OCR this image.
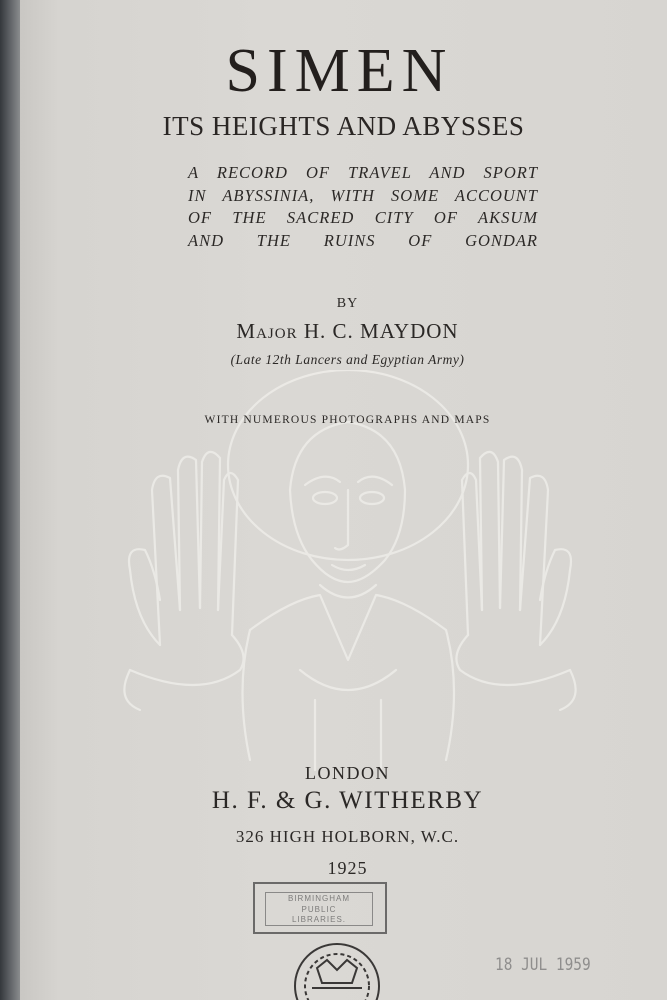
SIMEN
ITS HEIGHTS AND ABYSSES
A RECORD OF TRAVEL AND SPORT
IN ABYSSINIA, WITH SOME ACCOUNT
OF THE SACRED CITY OF AKSUM
AND THE RUINS OF GONDAR
BY
MAJOR H. C. MAYDON
(Late 12th Lancers and Egyptian Army)
WITH NUMEROUS PHOTOGRAPHS AND MAPS
LONDON
H. F. & G. WITHERBY
326 HIGH HOLBORN, W.C.
1925
BIRMINGHAM
PUBLIC
LIBRARIES.
18 JUL 1959
